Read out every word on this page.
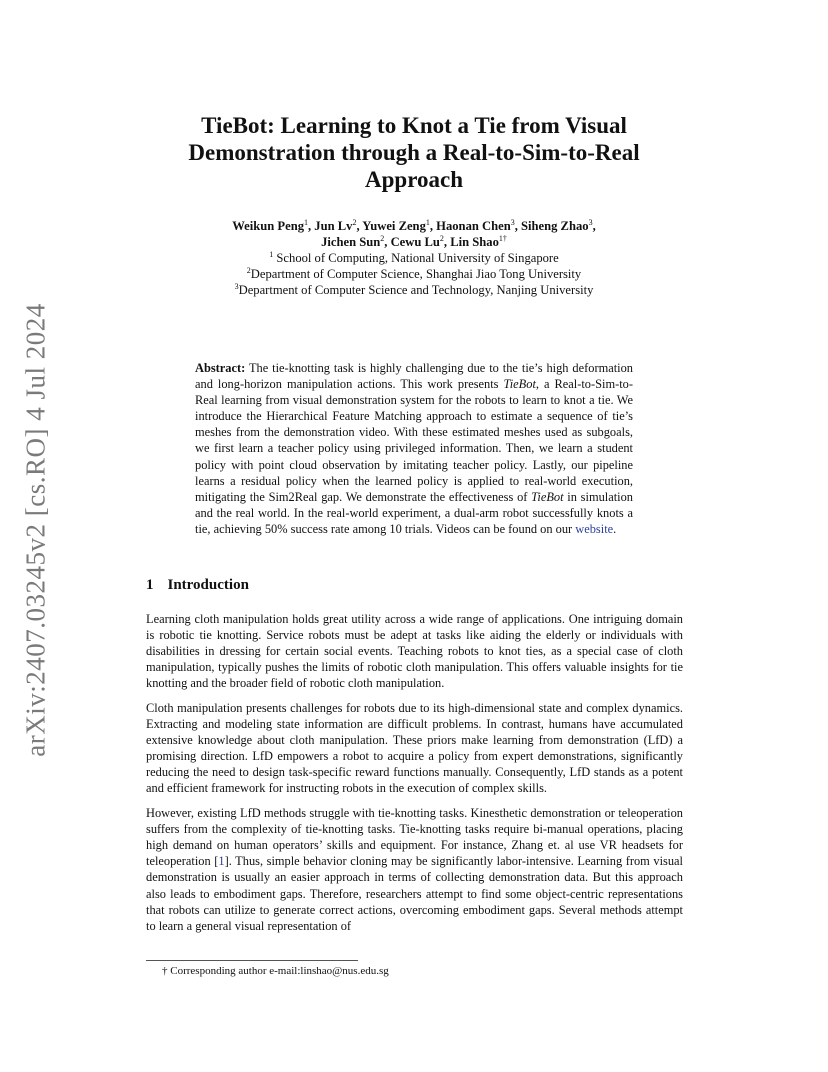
arXiv:2407.03245v2 [cs.RO] 4 Jul 2024
TieBot: Learning to Knot a Tie from Visual Demonstration through a Real-to-Sim-to-Real Approach
Weikun Peng$^1$, Jun Lv$^2$, Yuwei Zeng$^1$, Haonan Chen$^3$, Siheng Zhao$^3$,
Jichen Sun$^2$, Cewu Lu$^2$, Lin Shao$^{1\dagger}$
$^1$ School of Computing, National University of Singapore
$^2$Department of Computer Science, Shanghai Jiao Tong University
$^3$Department of Computer Science and Technology, Nanjing University
Abstract: The tie-knotting task is highly challenging due to the tie’s high deformation and long-horizon manipulation actions. This work presents TieBot, a Real-to-Sim-to-Real learning from visual demonstration system for the robots to learn to knot a tie. We introduce the Hierarchical Feature Matching approach to estimate a sequence of tie’s meshes from the demonstration video. With these estimated meshes used as subgoals, we first learn a teacher policy using privileged information. Then, we learn a student policy with point cloud observation by imitating teacher policy. Lastly, our pipeline learns a residual policy when the learned policy is applied to real-world execution, mitigating the Sim2Real gap. We demonstrate the effectiveness of TieBot in simulation and the real world. In the real-world experiment, a dual-arm robot successfully knots a tie, achieving 50% success rate among 10 trials. Videos can be found on our website.
1 Introduction

Learning cloth manipulation holds great utility across a wide range of applications. One intriguing domain is robotic tie knotting. Service robots must be adept at tasks like aiding the elderly or individuals with disabilities in dressing for certain social events. Teaching robots to knot ties, as a special case of cloth manipulation, typically pushes the limits of robotic cloth manipulation. This offers valuable insights for tie knotting and the broader field of robotic cloth manipulation.

Cloth manipulation presents challenges for robots due to its high-dimensional state and complex dynamics. Extracting and modeling state information are difficult problems. In contrast, humans have accumulated extensive knowledge about cloth manipulation. These priors make learning from demonstration (LfD) a promising direction. LfD empowers a robot to acquire a policy from expert demonstrations, significantly reducing the need to design task-specific reward functions manually. Consequently, LfD stands as a potent and efficient framework for instructing robots in the execution of complex skills.

However, existing LfD methods struggle with tie-knotting tasks. Kinesthetic demonstration or teleoperation suffers from the complexity of tie-knotting tasks. Tie-knotting tasks require bi-manual operations, placing high demand on human operators’ skills and equipment. For instance, Zhang et. al use VR headsets for teleoperation [1]. Thus, simple behavior cloning may be significantly labor-intensive. Learning from visual demonstration is usually an easier approach in terms of collecting demonstration data. But this approach also leads to embodiment gaps. Therefore, researchers attempt to find some object-centric representations that robots can utilize to generate correct actions, overcoming embodiment gaps. Several methods attempt to learn a general visual representation of

† Corresponding author e-mail:linshao@nus.edu.sg
